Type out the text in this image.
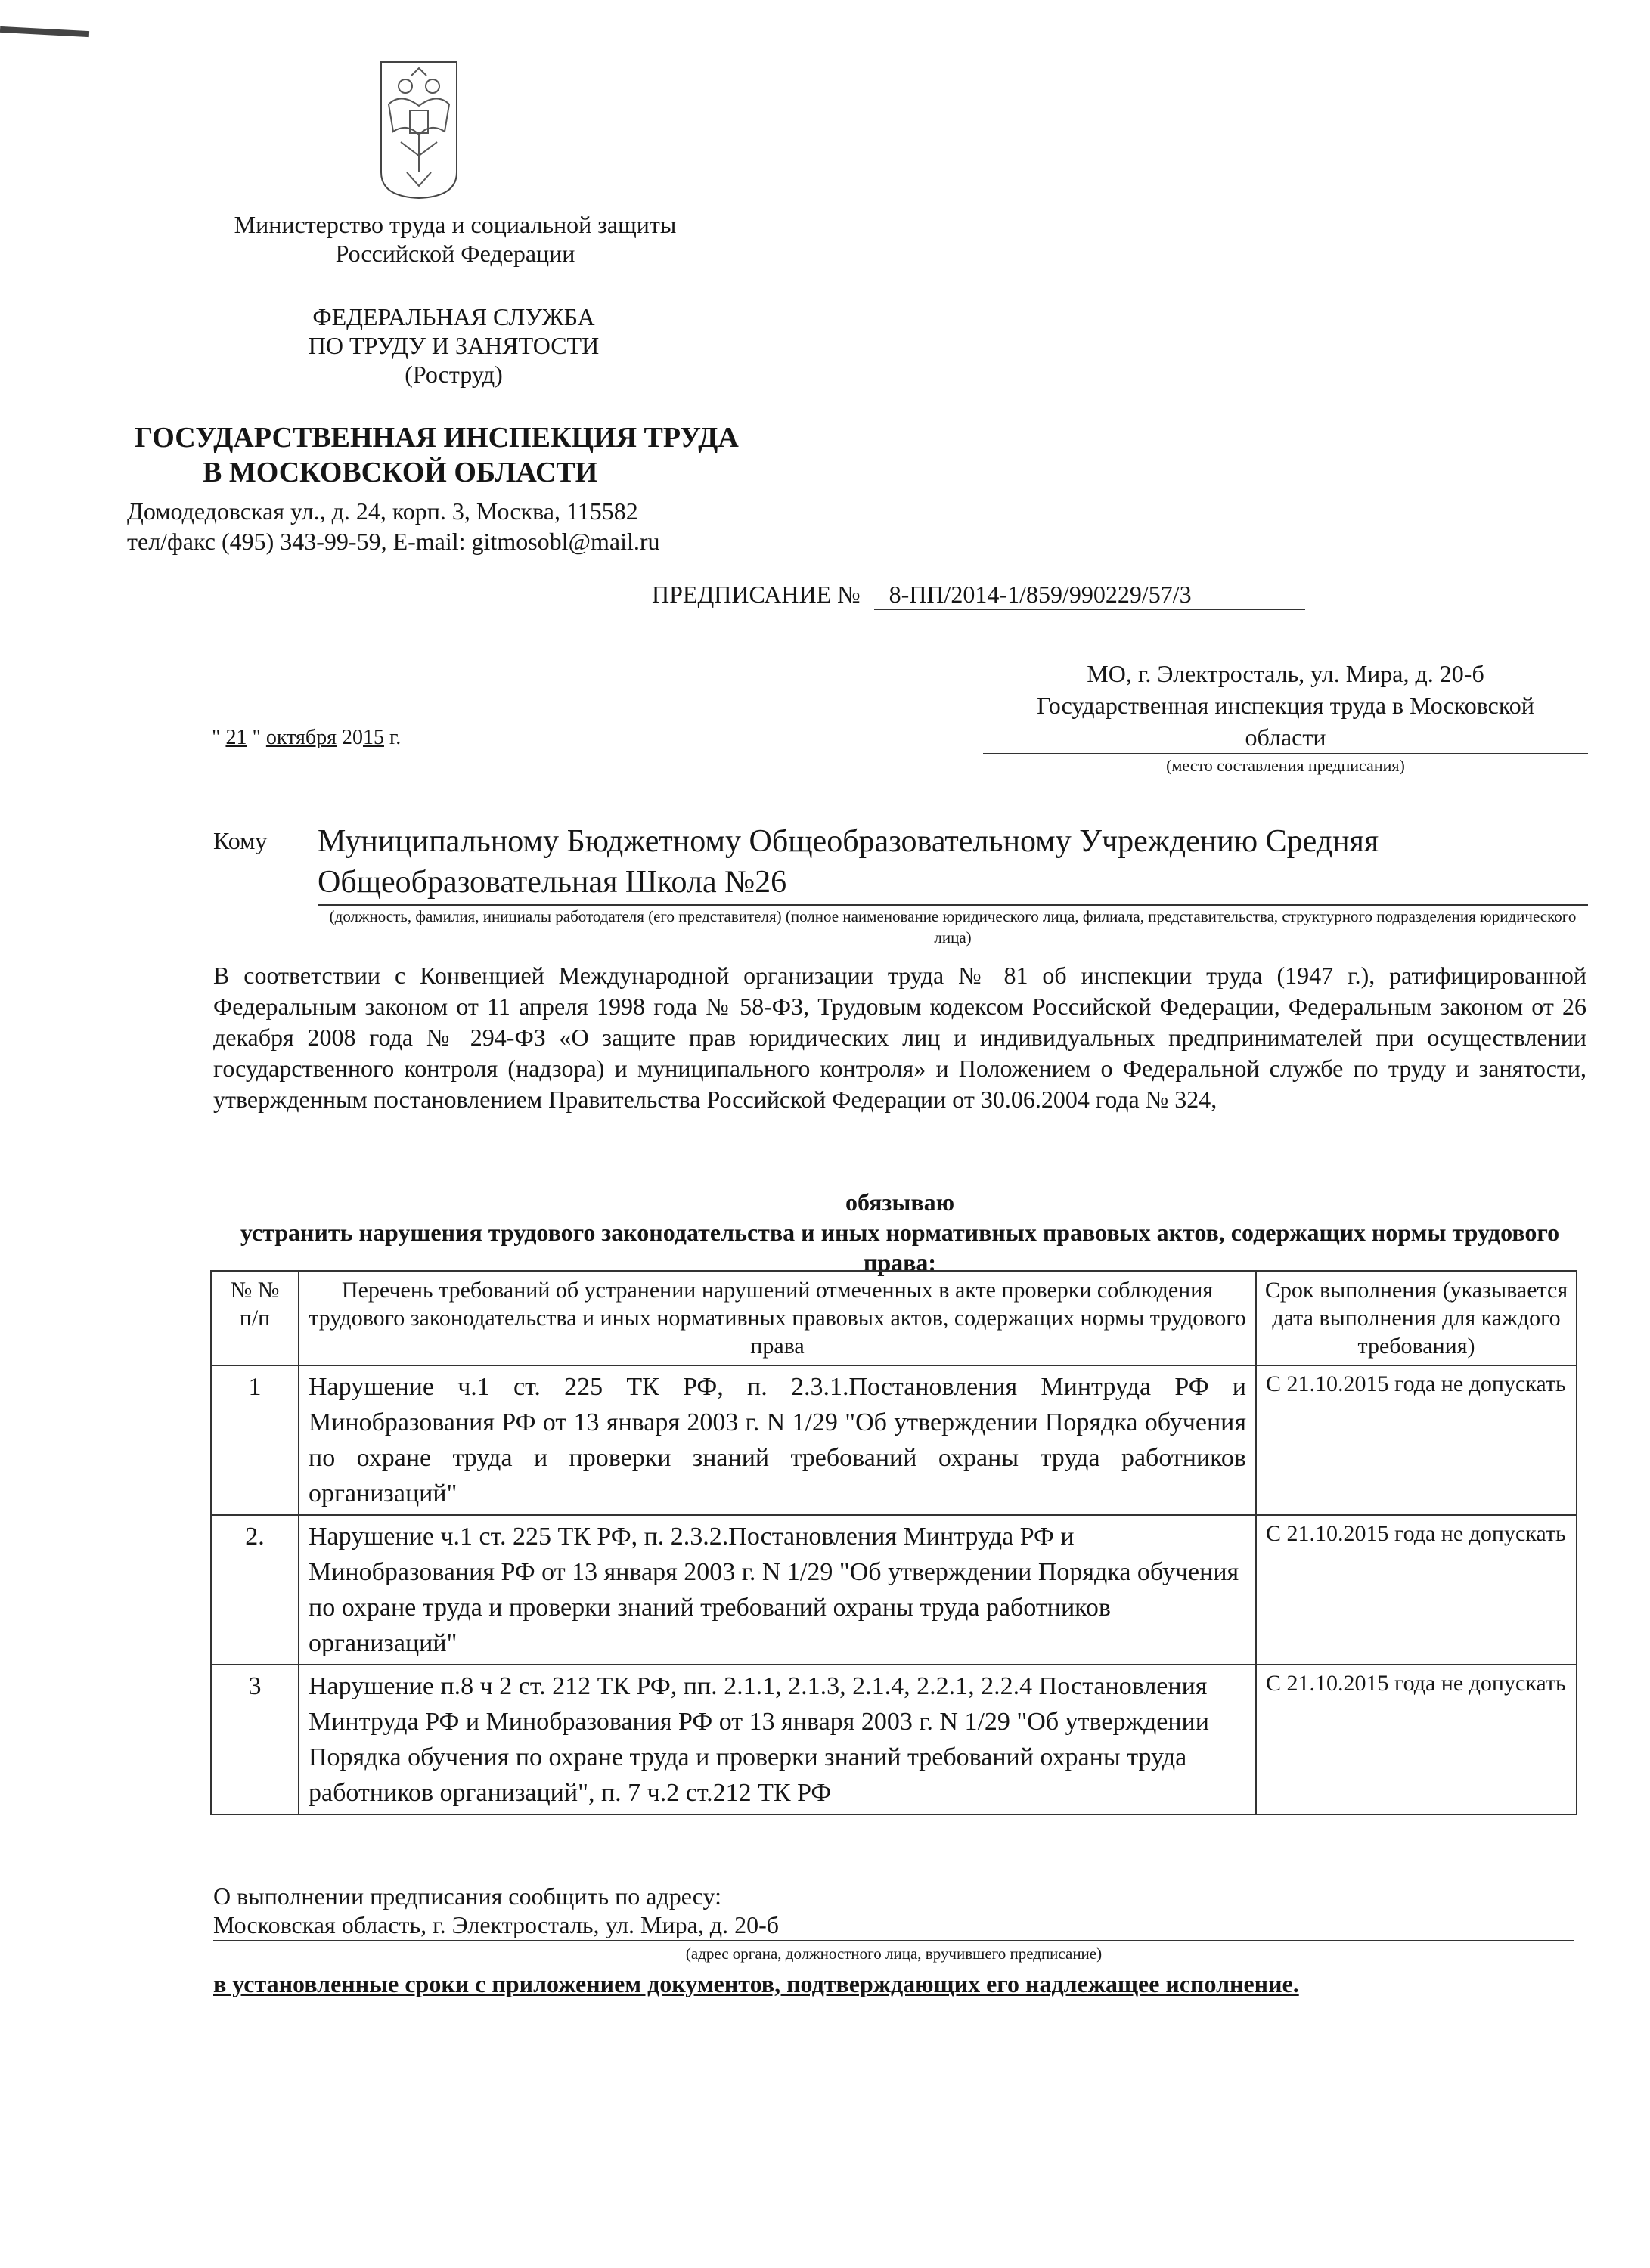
Министерство труда и социальной защиты
Российской Федерации
ФЕДЕРАЛЬНАЯ СЛУЖБА
ПО ТРУДУ И ЗАНЯТОСТИ
(Роструд)
ГОСУДАРСТВЕННАЯ ИНСПЕКЦИЯ ТРУДА
В МОСКОВСКОЙ ОБЛАСТИ
Домодедовская ул., д. 24, корп. 3, Москва, 115582
тел/факс (495) 343-99-59, E-mail: gitmosobl@mail.ru
ПРЕДПИСАНИЕ № 8-ПП/2014-1/859/990229/57/3
МО, г. Электросталь, ул. Мира, д. 20-б
Государственная инспекция труда в Московской
области
(место составления предписания)
" 21 " октября 2015 г.
Кому Муниципальному Бюджетному Общеобразовательному Учреждению Средняя Общеобразовательная Школа №26
(должность, фамилия, инициалы работодателя (его представителя) (полное наименование юридического лица, филиала, представительства, структурного подразделения юридического лица)
В соответствии с Конвенцией Международной организации труда № 81 об инспекции труда (1947 г.), ратифицированной Федеральным законом от 11 апреля 1998 года № 58-ФЗ, Трудовым кодексом Российской Федерации, Федеральным законом от 26 декабря 2008 года № 294-ФЗ «О защите прав юридических лиц и индивидуальных предпринимателей при осуществлении государственного контроля (надзора) и муниципального контроля» и Положением о Федеральной службе по труду и занятости, утвержденным постановлением Правительства Российской Федерации от 30.06.2004 года № 324,
обязываю
устранить нарушения трудового законодательства и иных нормативных правовых актов, содержащих нормы трудового права:
№ № п/п	Перечень требований об устранении нарушений отмеченных в акте проверки соблюдения трудового законодательства и иных нормативных правовых актов, содержащих нормы трудового права	Срок выполнения (указывается дата выполнения для каждого требования)
1	Нарушение ч.1 ст. 225 ТК РФ, п. 2.3.1.Постановления Минтруда РФ и Минобразования РФ от 13 января 2003 г. N 1/29 "Об утверждении Порядка обучения по охране труда и проверки знаний требований охраны труда работников организаций"	С 21.10.2015 года не допускать
2.	Нарушение ч.1 ст. 225 ТК РФ, п. 2.3.2.Постановления Минтруда РФ и Минобразования РФ от 13 января 2003 г. N 1/29 "Об утверждении Порядка обучения по охране труда и проверки знаний требований охраны труда работников организаций"	С 21.10.2015 года не допускать
3	Нарушение п.8 ч 2 ст. 212 ТК РФ, пп. 2.1.1, 2.1.3, 2.1.4, 2.2.1, 2.2.4 Постановления Минтруда РФ и Минобразования РФ от 13 января 2003 г. N 1/29 "Об утверждении Порядка обучения по охране труда и проверки знаний требований охраны труда работников организаций", п. 7 ч.2 ст.212 ТК РФ	С 21.10.2015 года не допускать
О выполнении предписания сообщить по адресу:
Московская область, г. Электросталь, ул. Мира, д. 20-б
(адрес органа, должностного лица, вручившего предписание)
в установленные сроки с приложением документов, подтверждающих его надлежащее исполнение.
